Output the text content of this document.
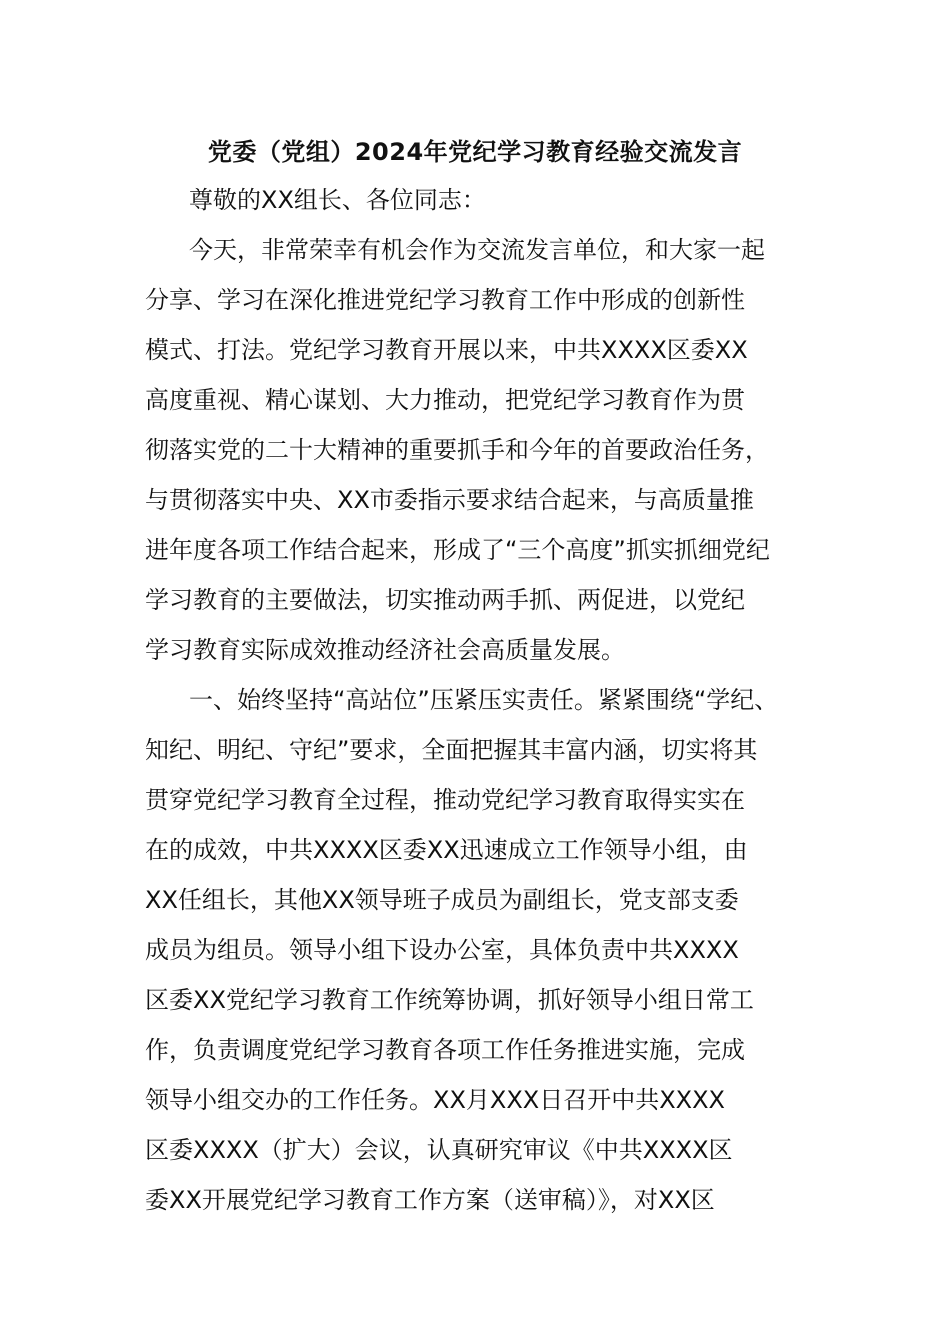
党委（党组）2024年党纪学习教育经验交流发言
尊敬的XX组长、各位同志：
今天，非常荣幸有机会作为交流发言单位，和大家一起
分享、学习在深化推进党纪学习教育工作中形成的创新性
模式、打法。党纪学习教育开展以来，中共XXXX区委XX
高度重视、精心谋划、大力推动，把党纪学习教育作为贯
彻落实党的二十大精神的重要抓手和今年的首要政治任务，
与贯彻落实中央、XX市委指示要求结合起来，与高质量推
进年度各项工作结合起来，形成了“三个高度”抓实抓细党纪
学习教育的主要做法，切实推动两手抓、两促进，以党纪
学习教育实际成效推动经济社会高质量发展。
一、始终坚持“高站位”压紧压实责任。紧紧围绕“学纪、
知纪、明纪、守纪”要求，全面把握其丰富内涵，切实将其
贯穿党纪学习教育全过程，推动党纪学习教育取得实实在
在的成效，中共XXXX区委XX迅速成立工作领导小组，由
XX任组长，其他XX领导班子成员为副组长，党支部支委
成员为组员。领导小组下设办公室，具体负责中共XXXX
区委XX党纪学习教育工作统筹协调，抓好领导小组日常工
作，负责调度党纪学习教育各项工作任务推进实施，完成
领导小组交办的工作任务。XX月XXX日召开中共XXXX
区委XXXX（扩大）会议，认真研究审议《中共XXXX区
委XX开展党纪学习教育工作方案（送审稿）》，对XX区
